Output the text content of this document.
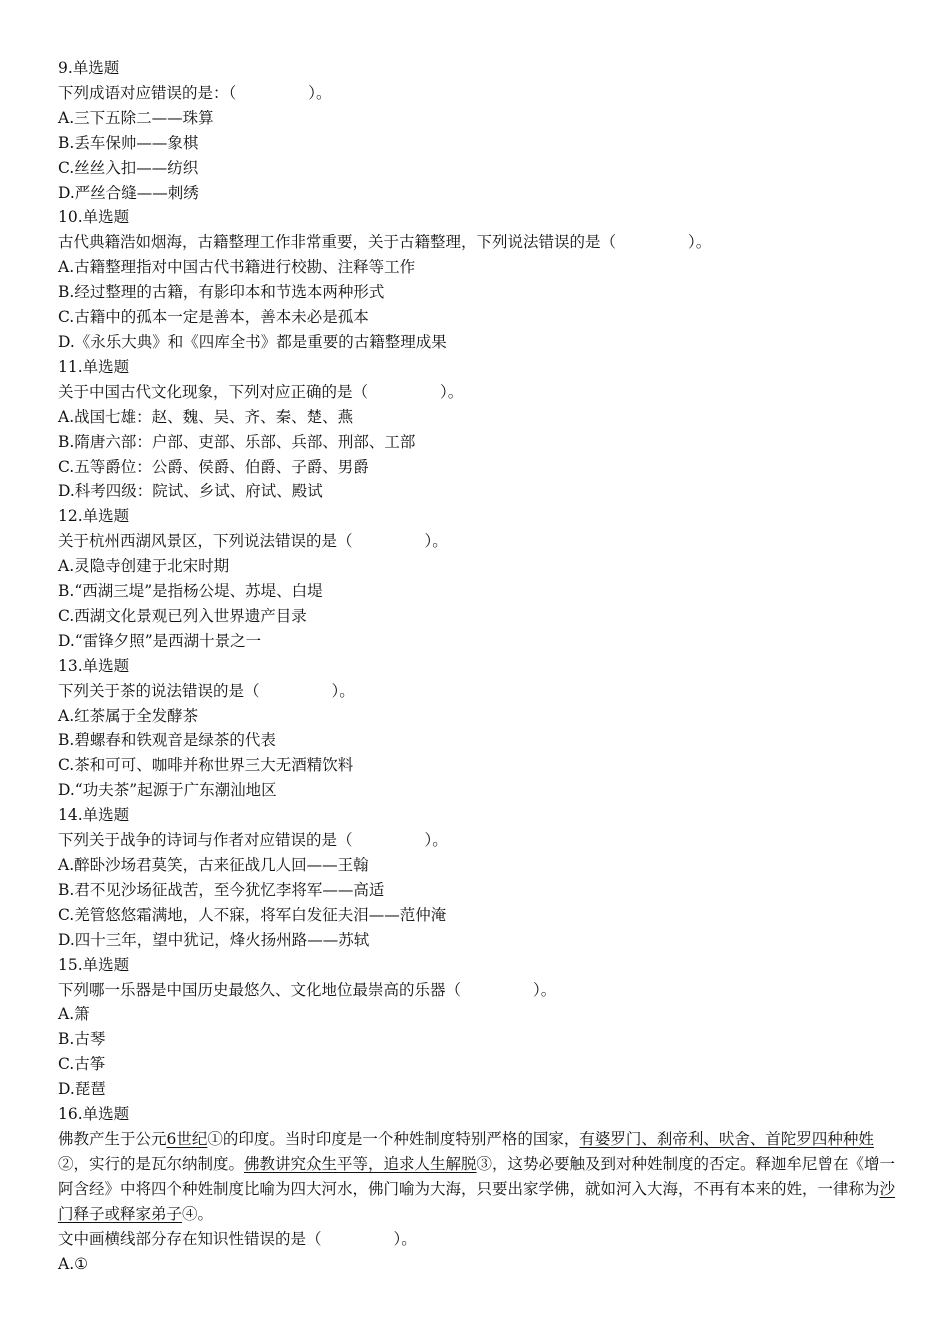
9.单选题
下列成语对应错误的是：（	）。
A.三下五除二——珠算
B.丢车保帅——象棋
C.丝丝入扣——纺织
D.严丝合缝——刺绣
10.单选题
古代典籍浩如烟海，古籍整理工作非常重要，关于古籍整理，下列说法错误的是（	）。
A.古籍整理指对中国古代书籍进行校勘、注释等工作
B.经过整理的古籍，有影印本和节选本两种形式
C.古籍中的孤本一定是善本，善本未必是孤本
D.《永乐大典》和《四库全书》都是重要的古籍整理成果
11.单选题
关于中国古代文化现象，下列对应正确的是（	）。
A.战国七雄：赵、魏、吴、齐、秦、楚、燕
B.隋唐六部：户部、吏部、乐部、兵部、刑部、工部
C.五等爵位：公爵、侯爵、伯爵、子爵、男爵
D.科考四级：院试、乡试、府试、殿试
12.单选题
关于杭州西湖风景区，下列说法错误的是（	）。
A.灵隐寺创建于北宋时期
B.“西湖三堤”是指杨公堤、苏堤、白堤
C.西湖文化景观已列入世界遗产目录
D.“雷锋夕照”是西湖十景之一
13.单选题
下列关于茶的说法错误的是（	）。
A.红茶属于全发酵茶
B.碧螺春和铁观音是绿茶的代表
C.茶和可可、咖啡并称世界三大无酒精饮料
D.“功夫茶”起源于广东潮汕地区
14.单选题
下列关于战争的诗词与作者对应错误的是（	）。
A.醉卧沙场君莫笑，古来征战几人回——王翰
B.君不见沙场征战苦，至今犹忆李将军——高适
C.羌管悠悠霜满地，人不寐，将军白发征夫泪——范仲淹
D.四十三年，望中犹记，烽火扬州路——苏轼
15.单选题
下列哪一乐器是中国历史最悠久、文化地位最崇高的乐器（	）。
A.箫
B.古琴
C.古筝
D.琵琶
16.单选题
佛教产生于公元6世纪①的印度。当时印度是一个种姓制度特别严格的国家，有婆罗门、刹帝利、吠舍、首陀罗四种种姓②，实行的是瓦尔纳制度。佛教讲究众生平等，追求人生解脱③，这势必要触及到对种姓制度的否定。释迦牟尼曾在《增一阿含经》中将四个种姓制度比喻为四大河水，佛门喻为大海，只要出家学佛，就如河入大海，不再有本来的姓，一律称为沙门释子或释家弟子④。
文中画横线部分存在知识性错误的是（	）。
A.①
